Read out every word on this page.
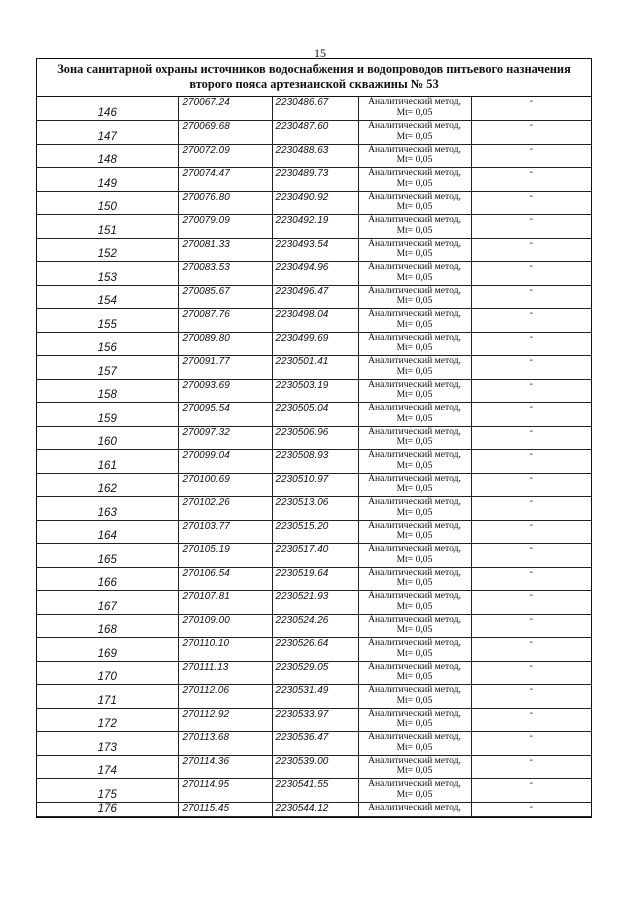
15
Зона санитарной охраны источников водоснабжения и водопроводов питьевого назначения второго пояса артезианской скважины № 53
146	270067.24	2230486.67	Аналитический метод,
Mt= 0,05	-
147	270069.68	2230487.60	Аналитический метод,
Mt= 0,05	-
148	270072.09	2230488.63	Аналитический метод,
Mt= 0,05	-
149	270074.47	2230489.73	Аналитический метод,
Mt= 0,05	-
150	270076.80	2230490.92	Аналитический метод,
Mt= 0,05	-
151	270079.09	2230492.19	Аналитический метод,
Mt= 0,05	-
152	270081.33	2230493.54	Аналитический метод,
Mt= 0,05	-
153	270083.53	2230494.96	Аналитический метод,
Mt= 0,05	-
154	270085.67	2230496.47	Аналитический метод,
Mt= 0,05	-
155	270087.76	2230498.04	Аналитический метод,
Mt= 0,05	-
156	270089.80	2230499.69	Аналитический метод,
Mt= 0,05	-
157	270091.77	2230501.41	Аналитический метод,
Mt= 0,05	-
158	270093.69	2230503.19	Аналитический метод,
Mt= 0,05	-
159	270095.54	2230505.04	Аналитический метод,
Mt= 0,05	-
160	270097.32	2230506.96	Аналитический метод,
Mt= 0,05	-
161	270099.04	2230508.93	Аналитический метод,
Mt= 0,05	-
162	270100.69	2230510.97	Аналитический метод,
Mt= 0,05	-
163	270102.26	2230513.06	Аналитический метод,
Mt= 0,05	-
164	270103.77	2230515.20	Аналитический метод,
Mt= 0,05	-
165	270105.19	2230517.40	Аналитический метод,
Mt= 0,05	-
166	270106.54	2230519.64	Аналитический метод,
Mt= 0,05	-
167	270107.81	2230521.93	Аналитический метод,
Mt= 0,05	-
168	270109.00	2230524.26	Аналитический метод,
Mt= 0,05	-
169	270110.10	2230526.64	Аналитический метод,
Mt= 0,05	-
170	270111.13	2230529.05	Аналитический метод,
Mt= 0,05	-
171	270112.06	2230531.49	Аналитический метод,
Mt= 0,05	-
172	270112.92	2230533.97	Аналитический метод,
Mt= 0,05	-
173	270113.68	2230536.47	Аналитический метод,
Mt= 0,05	-
174	270114.36	2230539.00	Аналитический метод,
Mt= 0,05	-
175	270114.95	2230541.55	Аналитический метод,
Mt= 0,05	-
176	270115.45	2230544.12	Аналитический метод,	-
